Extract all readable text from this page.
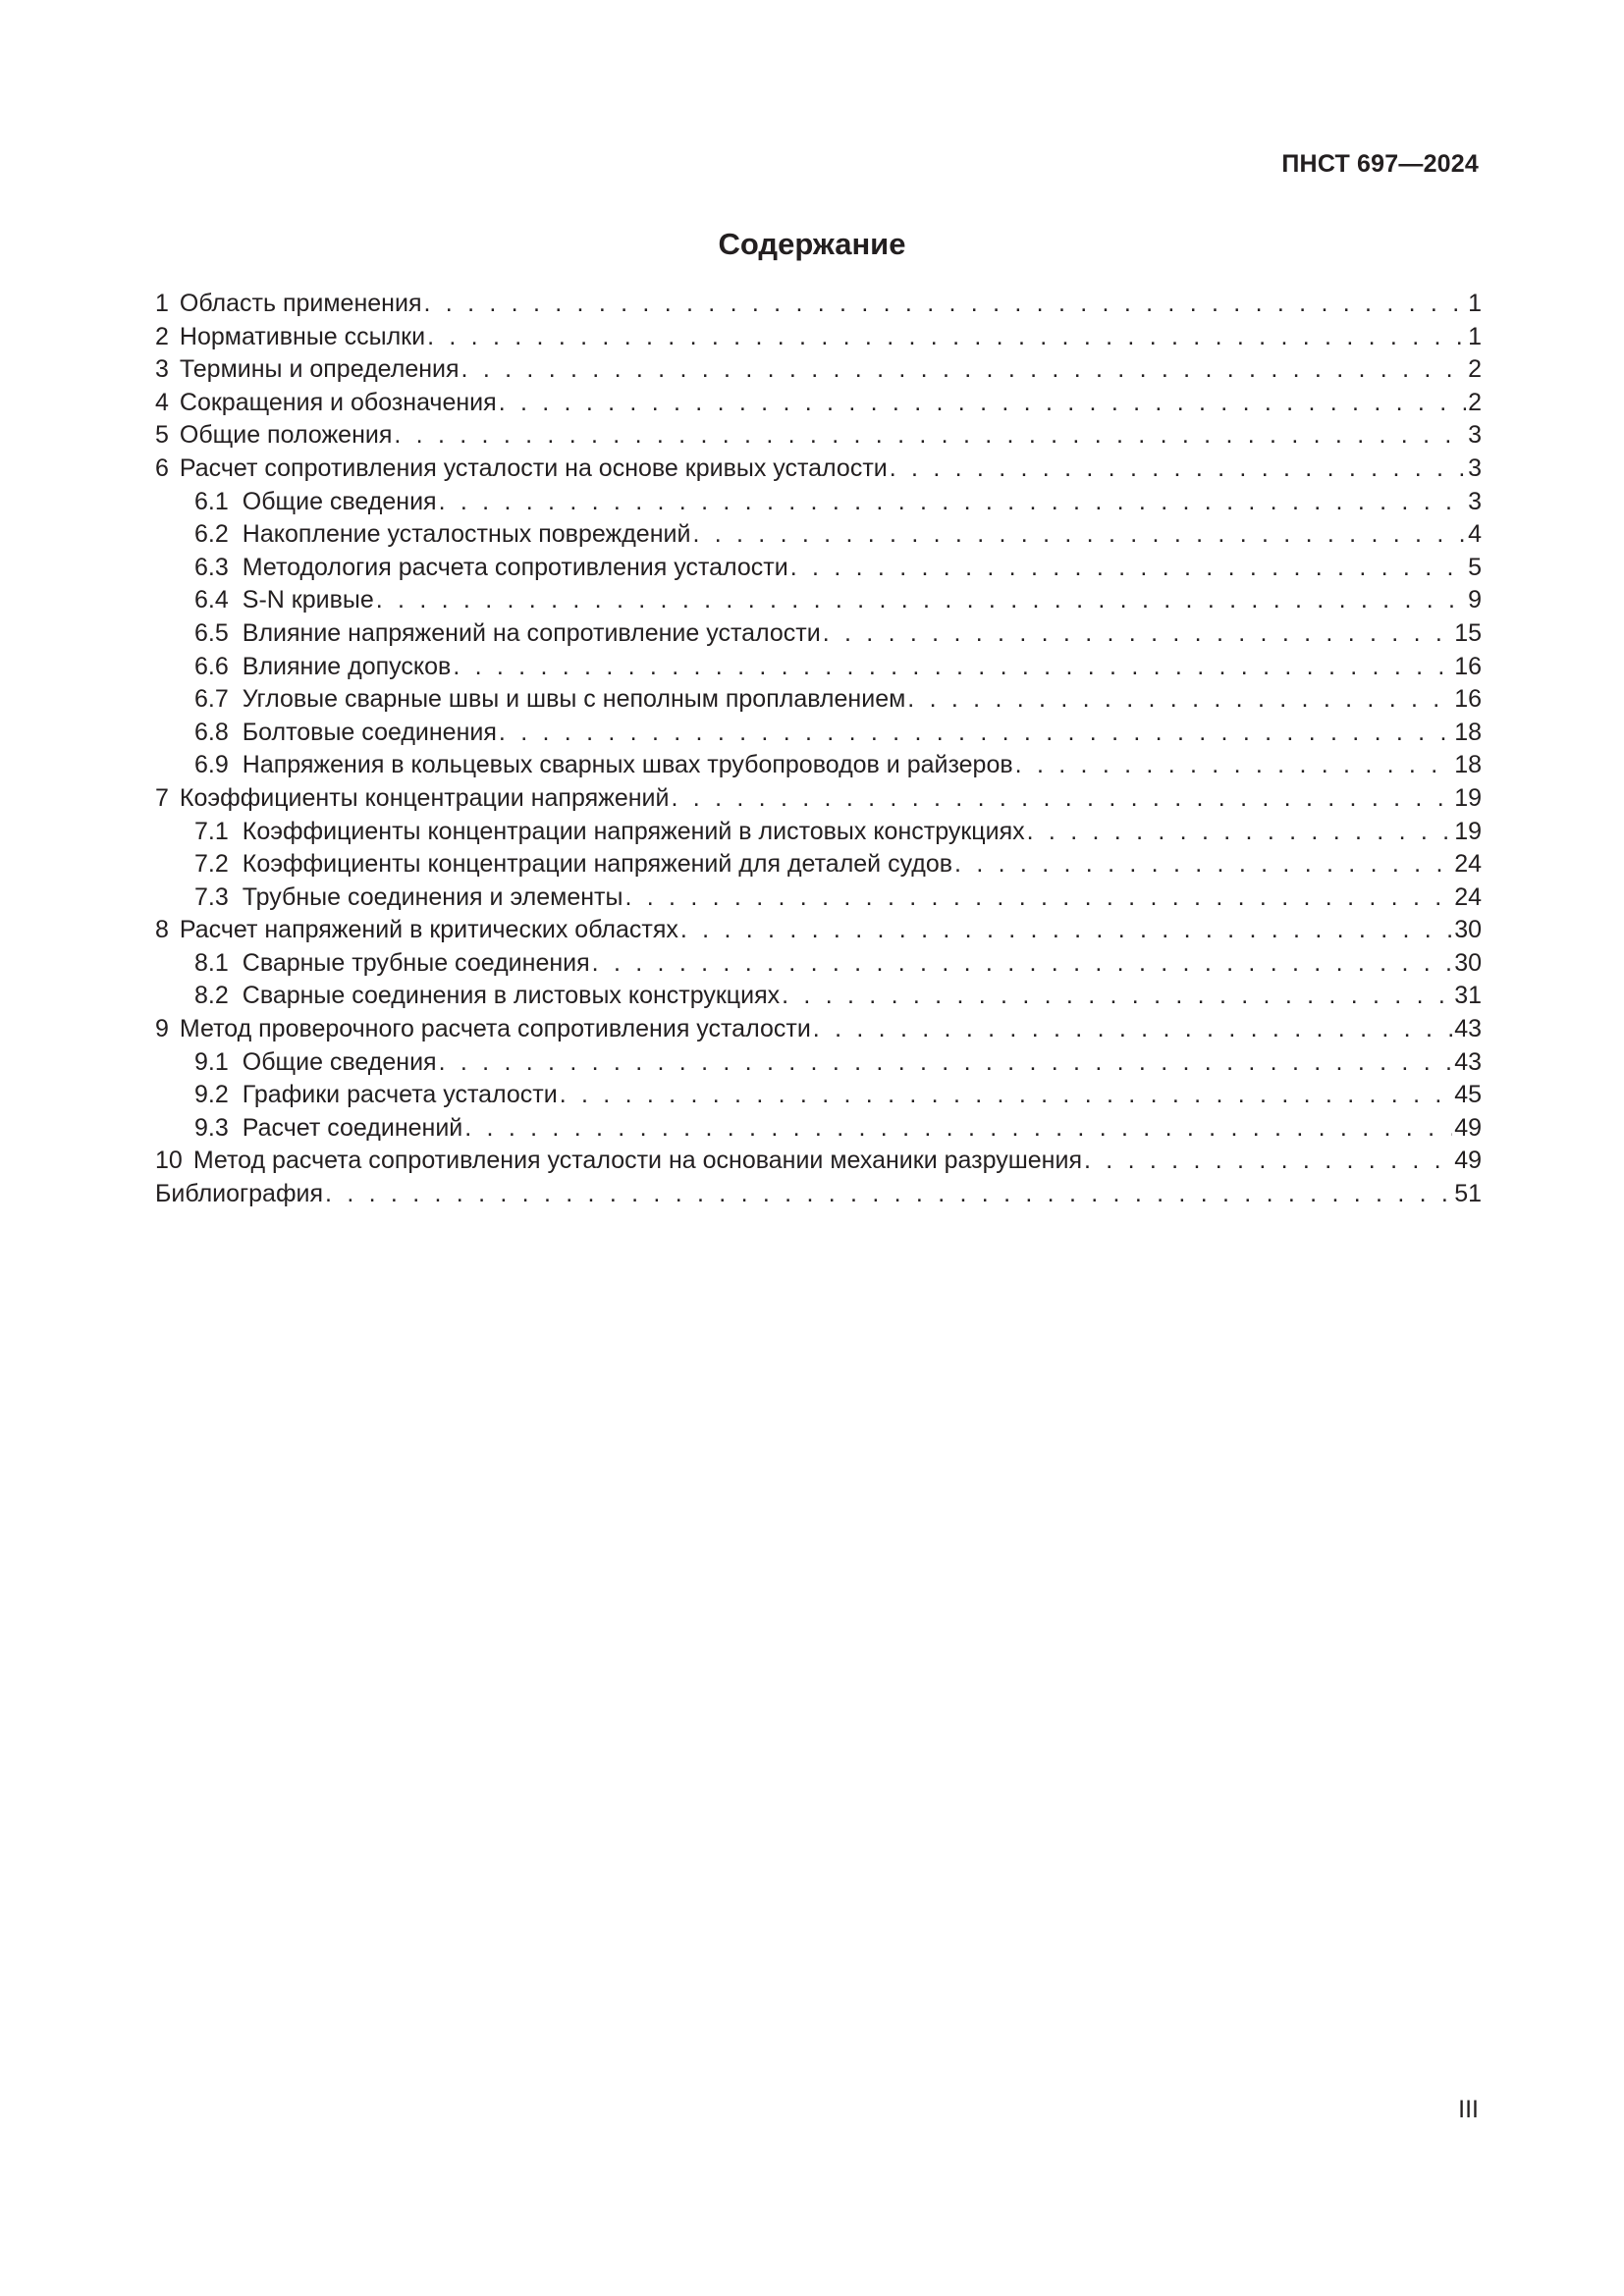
ПНСТ 697—2024
Содержание
1 Область применения . . .	1
2 Нормативные ссылки . . .	1
3 Термины и определения . . .	2
4 Сокращения и обозначения . . .	2
5 Общие положения . . .	3
6 Расчет сопротивления усталости на основе кривых усталости . . .	3
6.1 Общие сведения . . .	3
6.2 Накопление усталостных повреждений . . .	4
6.3 Методология расчета сопротивления усталости . . .	5
6.4 S-N кривые . . .	9
6.5 Влияние напряжений на сопротивление усталости . . .	15
6.6 Влияние допусков . . .	16
6.7 Угловые сварные швы и швы с неполным проплавлением . . .	16
6.8 Болтовые соединения . . .	18
6.9 Напряжения в кольцевых сварных швах трубопроводов и райзеров . . .	18
7 Коэффициенты концентрации напряжений . . .	19
7.1 Коэффициенты концентрации напряжений в листовых конструкциях . . .	19
7.2 Коэффициенты концентрации напряжений для деталей судов . . .	24
7.3 Трубные соединения и элементы . . .	24
8 Расчет напряжений в критических областях . . .	30
8.1 Сварные трубные соединения . . .	30
8.2 Сварные соединения в листовых конструкциях . . .	31
9 Метод проверочного расчета сопротивления усталости . . .	43
9.1 Общие сведения . . .	43
9.2 Графики расчета усталости . . .	45
9.3 Расчет соединений . . .	49
10 Метод расчета сопротивления усталости на основании механики разрушения . . .	49
Библиография . . .	51
III
